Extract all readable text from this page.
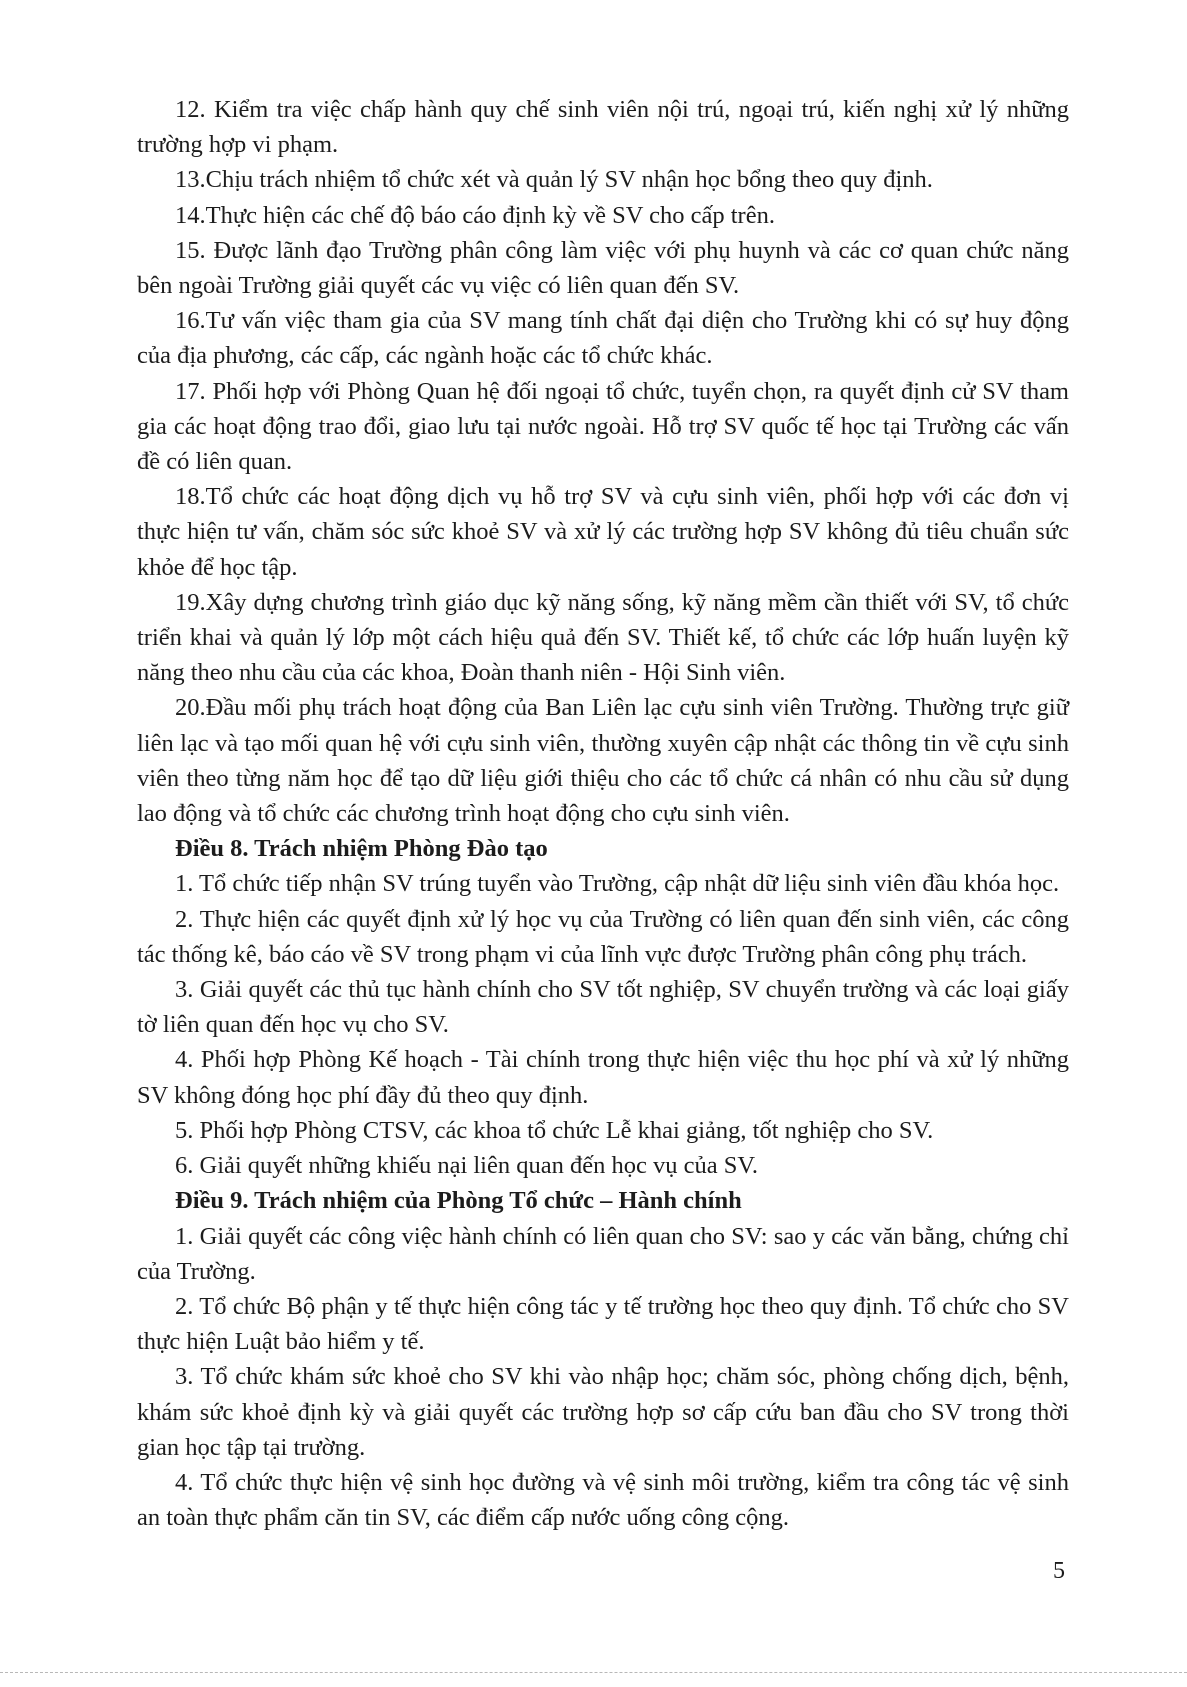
12. Kiểm tra việc chấp hành quy chế sinh viên nội trú, ngoại trú, kiến nghị xử lý những trường hợp vi phạm.

13.Chịu trách nhiệm tổ chức xét và quản lý SV nhận học bổng theo quy định.

14.Thực hiện các chế độ báo cáo định kỳ về SV cho cấp trên.

15. Được lãnh đạo Trường phân công làm việc với phụ huynh và các cơ quan chức năng bên ngoài Trường giải quyết các vụ việc có liên quan đến SV.

16.Tư vấn việc tham gia của SV mang tính chất đại diện cho Trường khi có sự huy động của địa phương, các cấp, các ngành hoặc các tổ chức khác.

17. Phối hợp với Phòng Quan hệ đối ngoại tổ chức, tuyển chọn, ra quyết định cử SV tham gia các hoạt động trao đổi, giao lưu tại nước ngoài. Hỗ trợ SV quốc tế học tại Trường các vấn đề có liên quan.

18.Tổ chức các hoạt động dịch vụ hỗ trợ SV và cựu sinh viên, phối hợp với các đơn vị thực hiện tư vấn, chăm sóc sức khoẻ SV và xử lý các trường hợp SV không đủ tiêu chuẩn sức khỏe để học tập.

19.Xây dựng chương trình giáo dục kỹ năng sống, kỹ năng mềm cần thiết với SV, tổ chức triển khai và quản lý lớp một cách hiệu quả đến SV. Thiết kế, tổ chức các lớp huấn luyện kỹ năng theo nhu cầu của các khoa, Đoàn thanh niên - Hội Sinh viên.

20.Đầu mối phụ trách hoạt động của Ban Liên lạc cựu sinh viên Trường. Thường trực giữ liên lạc và tạo mối quan hệ với cựu sinh viên, thường xuyên cập nhật các thông tin về cựu sinh viên theo từng năm học để tạo dữ liệu giới thiệu cho các tổ chức cá nhân có nhu cầu sử dụng lao động và tổ chức các chương trình hoạt động cho cựu sinh viên.

Điều 8. Trách nhiệm Phòng Đào tạo

1. Tổ chức tiếp nhận SV trúng tuyển vào Trường, cập nhật dữ liệu sinh viên đầu khóa học.

2. Thực hiện các quyết định xử lý học vụ của Trường có liên quan đến sinh viên, các công tác thống kê, báo cáo về SV trong phạm vi của lĩnh vực được Trường phân công phụ trách.

3. Giải quyết các thủ tục hành chính cho SV tốt nghiệp, SV chuyển trường và các loại giấy tờ liên quan đến học vụ cho SV.

4. Phối hợp Phòng Kế hoạch - Tài chính trong thực hiện việc thu học phí và xử lý những SV không đóng học phí đầy đủ theo quy định.

5. Phối hợp Phòng CTSV, các khoa tổ chức Lễ khai giảng, tốt nghiệp cho SV.

6. Giải quyết những khiếu nại liên quan đến học vụ của SV.

Điều 9. Trách nhiệm của Phòng Tổ chức – Hành chính

1. Giải quyết các công việc hành chính có liên quan cho SV: sao y các văn bằng, chứng chỉ của Trường.

2. Tổ chức Bộ phận y tế thực hiện công tác y tế trường học theo quy định. Tổ chức cho SV thực hiện Luật bảo hiểm y tế.

3. Tổ chức khám sức khoẻ cho SV khi vào nhập học; chăm sóc, phòng chống dịch, bệnh, khám sức khoẻ định kỳ và giải quyết các trường hợp sơ cấp cứu ban đầu cho SV trong thời gian học tập tại trường.

4. Tổ chức thực hiện vệ sinh học đường và vệ sinh môi trường, kiểm tra công tác vệ sinh an toàn thực phẩm căn tin SV, các điểm cấp nước uống công cộng.

5
